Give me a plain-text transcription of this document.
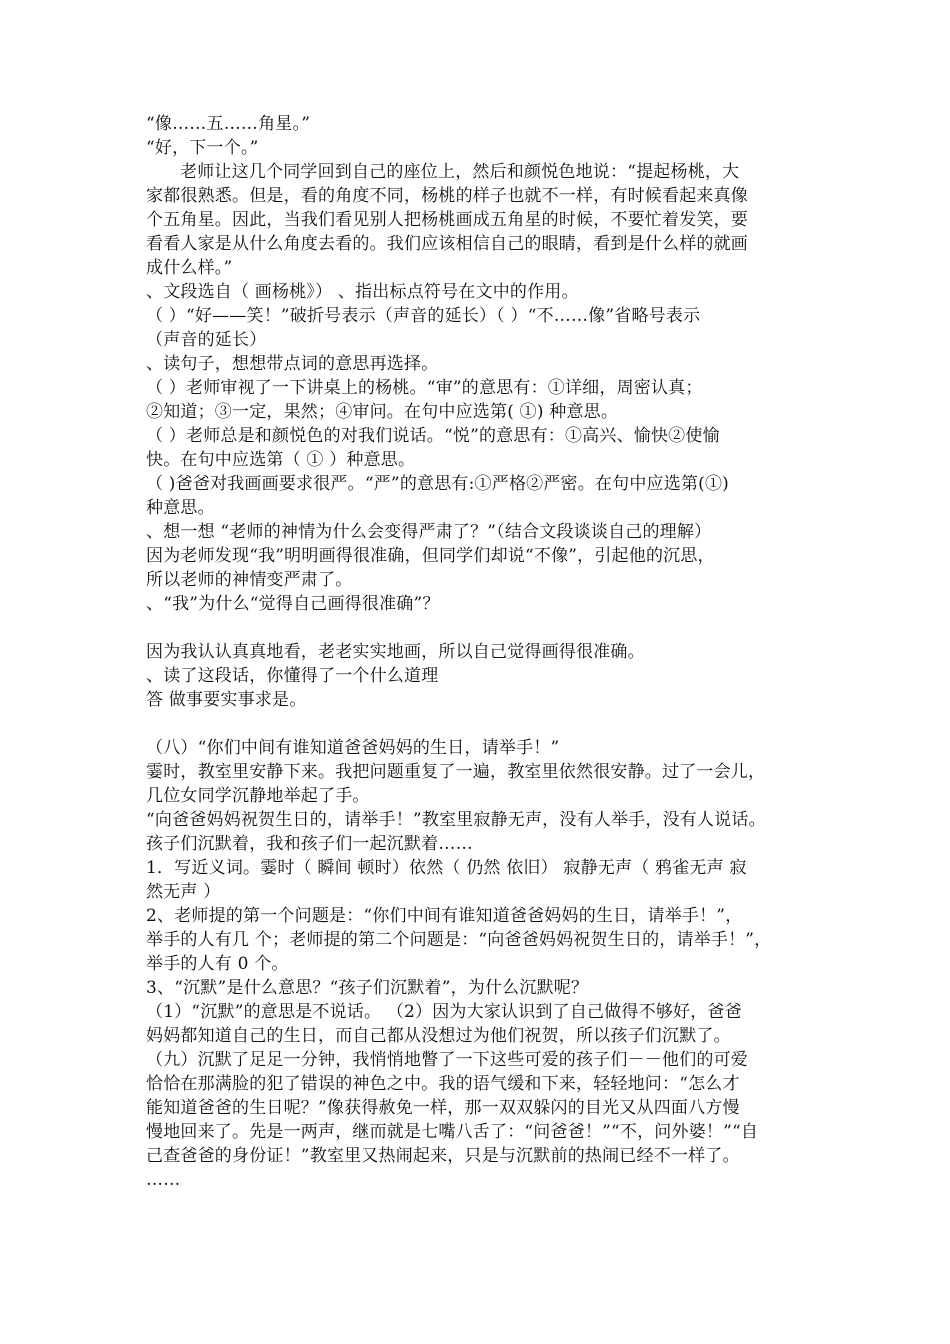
“像……五……角星。”
“好，下一个。”
老师让这几个同学回到自己的座位上，然后和颜悦色地说：“提起杨桃，大
家都很熟悉。但是，看的角度不同，杨桃的样子也就不一样，有时候看起来真像
个五角星。因此，当我们看见别人把杨桃画成五角星的时候，不要忙着发笑，要
看看人家是从什么角度去看的。我们应该相信自己的眼睛，看到是什么样的就画
成什么样。”
、文段选自（ 画杨桃》） 、指出标点符号在文中的作用。
（ ）“好——笑！”破折号表示（声音的延长）（ ）“不……像”省略号表示
（声音的延长）
、读句子，想想带点词的意思再选择。
（ ）老师审视了一下讲桌上的杨桃。“审”的意思有：①详细，周密认真；
②知道；③一定，果然；④审问。在句中应选第( ①) 种意思。
（ ）老师总是和颜悦色的对我们说话。“悦”的意思有：①高兴、愉快②使愉
快。在句中应选第（ ① ）种意思。
（ )爸爸对我画画要求很严。“严”的意思有:①严格②严密。在句中应选第(①)
种意思。
、想一想 “老师的神情为什么会变得严肃了？”（结合文段谈谈自己的理解）
因为老师发现“我”明明画得很准确，但同学们却说“不像”，引起他的沉思，
所以老师的神情变严肃了。
、“我”为什么“觉得自己画得很准确”？
因为我认认真真地看，老老实实地画，所以自己觉得画得很准确。
、读了这段话，你懂得了一个什么道理
答 做事要实事求是。
（八）“你们中间有谁知道爸爸妈妈的生日，请举手！”
霎时，教室里安静下来。我把问题重复了一遍，教室里依然很安静。过了一会儿，
几位女同学沉静地举起了手。
“向爸爸妈妈祝贺生日的，请举手！”教室里寂静无声，没有人举手，没有人说话。
孩子们沉默着，我和孩子们一起沉默着……
1．写近义词。霎时（ 瞬间 顿时）依然（ 仍然 依旧） 寂静无声（ 鸦雀无声 寂
然无声 ）
2、老师提的第一个问题是：“你们中间有谁知道爸爸妈妈的生日，请举手！”，
举手的人有几 个；老师提的第二个问题是：“向爸爸妈妈祝贺生日的，请举手！”，
举手的人有 0 个。
3、“沉默”是什么意思？“孩子们沉默着”，为什么沉默呢？
（1）“沉默”的意思是不说话。 （2）因为大家认识到了自己做得不够好，爸爸
妈妈都知道自己的生日，而自己都从没想过为他们祝贺，所以孩子们沉默了。
（九）沉默了足足一分钟，我悄悄地瞥了一下这些可爱的孩子们－－他们的可爱
恰恰在那满脸的犯了错误的神色之中。我的语气缓和下来，轻轻地问：“怎么才
能知道爸爸的生日呢？”像获得赦免一样，那一双双躲闪的目光又从四面八方慢
慢地回来了。先是一两声，继而就是七嘴八舌了：“问爸爸！”“不，问外婆！”“自
己查爸爸的身份证！”教室里又热闹起来，只是与沉默前的热闹已经不一样了。
……
